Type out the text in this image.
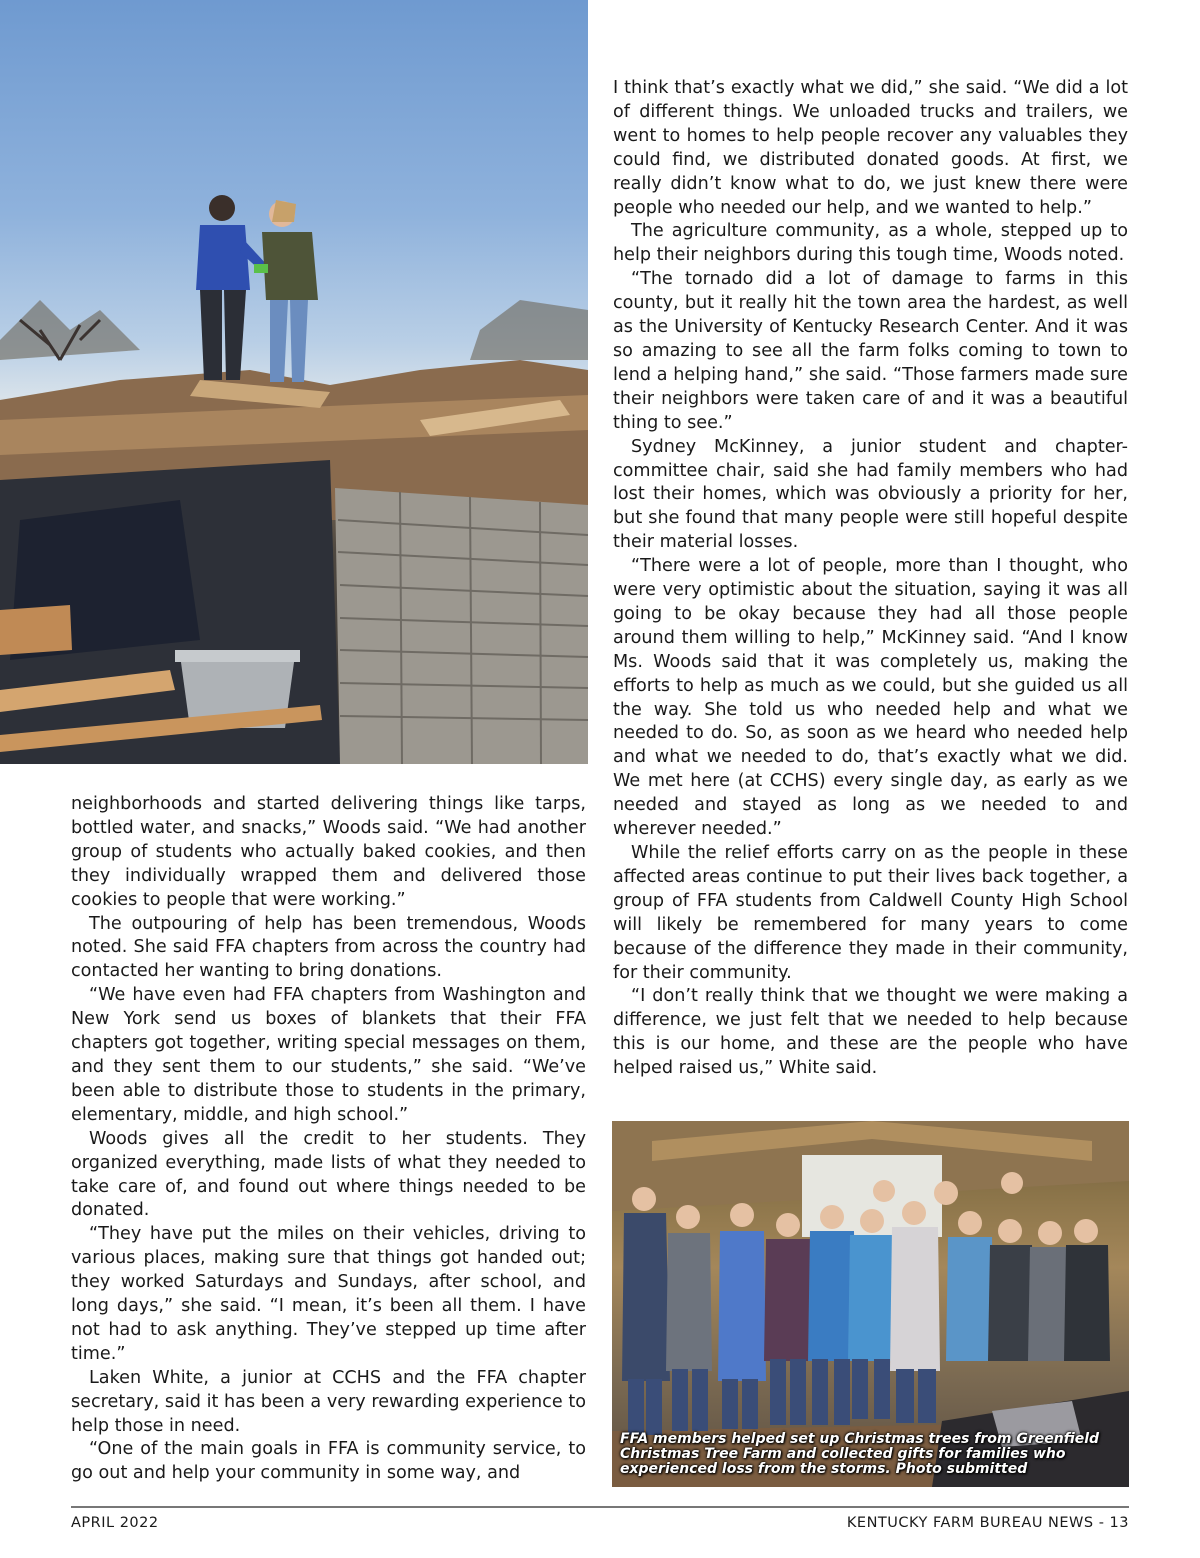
neighborhoods and started delivering things like tarps, bottled water, and snacks,” Woods said. “We had another group of students who actually baked cookies, and then they individually wrapped them and delivered those cookies to people that were working.”

The outpouring of help has been tremendous, Woods noted. She said FFA chapters from across the country had contacted her wanting to bring donations.

“We have even had FFA chapters from Washington and New York send us boxes of blankets that their FFA chapters got together, writing special messages on them, and they sent them to our students,” she said. “We’ve been able to distribute those to students in the primary, elementary, middle, and high school.”

Woods gives all the credit to her students. They organized everything, made lists of what they needed to take care of, and found out where things needed to be donated.

“They have put the miles on their vehicles, driving to various places, making sure that things got handed out; they worked Saturdays and Sundays, after school, and long days,” she said. “I mean, it’s been all them. I have not had to ask anything. They’ve stepped up time after time.”

Laken White, a junior at CCHS and the FFA chapter secretary, said it has been a very rewarding experience to help those in need.

“One of the main goals in FFA is community service, to go out and help your community in some way, and

I think that’s exactly what we did,” she said. “We did a lot of different things. We unloaded trucks and trailers, we went to homes to help people recover any valuables they could find, we distributed donated goods. At first, we really didn’t know what to do, we just knew there were people who needed our help, and we wanted to help.”

The agriculture community, as a whole, stepped up to help their neighbors during this tough time, Woods noted.

“The tornado did a lot of damage to farms in this county, but it really hit the town area the hardest, as well as the University of Kentucky Research Center. And it was so amazing to see all the farm folks coming to town to lend a helping hand,” she said. “Those farmers made sure their neighbors were taken care of and it was a beautiful thing to see.”

Sydney McKinney, a junior student and chapter-committee chair, said she had family members who had lost their homes, which was obviously a priority for her, but she found that many people were still hopeful despite their material losses.

“There were a lot of people, more than I thought, who were very optimistic about the situation, saying it was all going to be okay because they had all those people around them willing to help,” McKinney said. “And I know Ms. Woods said that it was completely us, making the efforts to help as much as we could, but she guided us all the way. She told us who needed help and what we needed to do. So, as soon as we heard who needed help and what we needed to do, that’s exactly what we did. We met here (at CCHS) every single day, as early as we needed and stayed as long as we needed to and wherever needed.”

While the relief efforts carry on as the people in these affected areas continue to put their lives back together, a group of FFA students from Caldwell County High School will likely be remembered for many years to come because of the difference they made in their community, for their community.

“I don’t really think that we thought we were making a difference, we just felt that we needed to help because this is our home, and these are the people who have helped raised us,” White said.

FFA members helped set up Christmas trees from Greenfield Christmas Tree Farm and collected gifts for families who experienced loss from the storms. Photo submitted
APRIL 2022	KENTUCKY FARM BUREAU NEWS - 13
